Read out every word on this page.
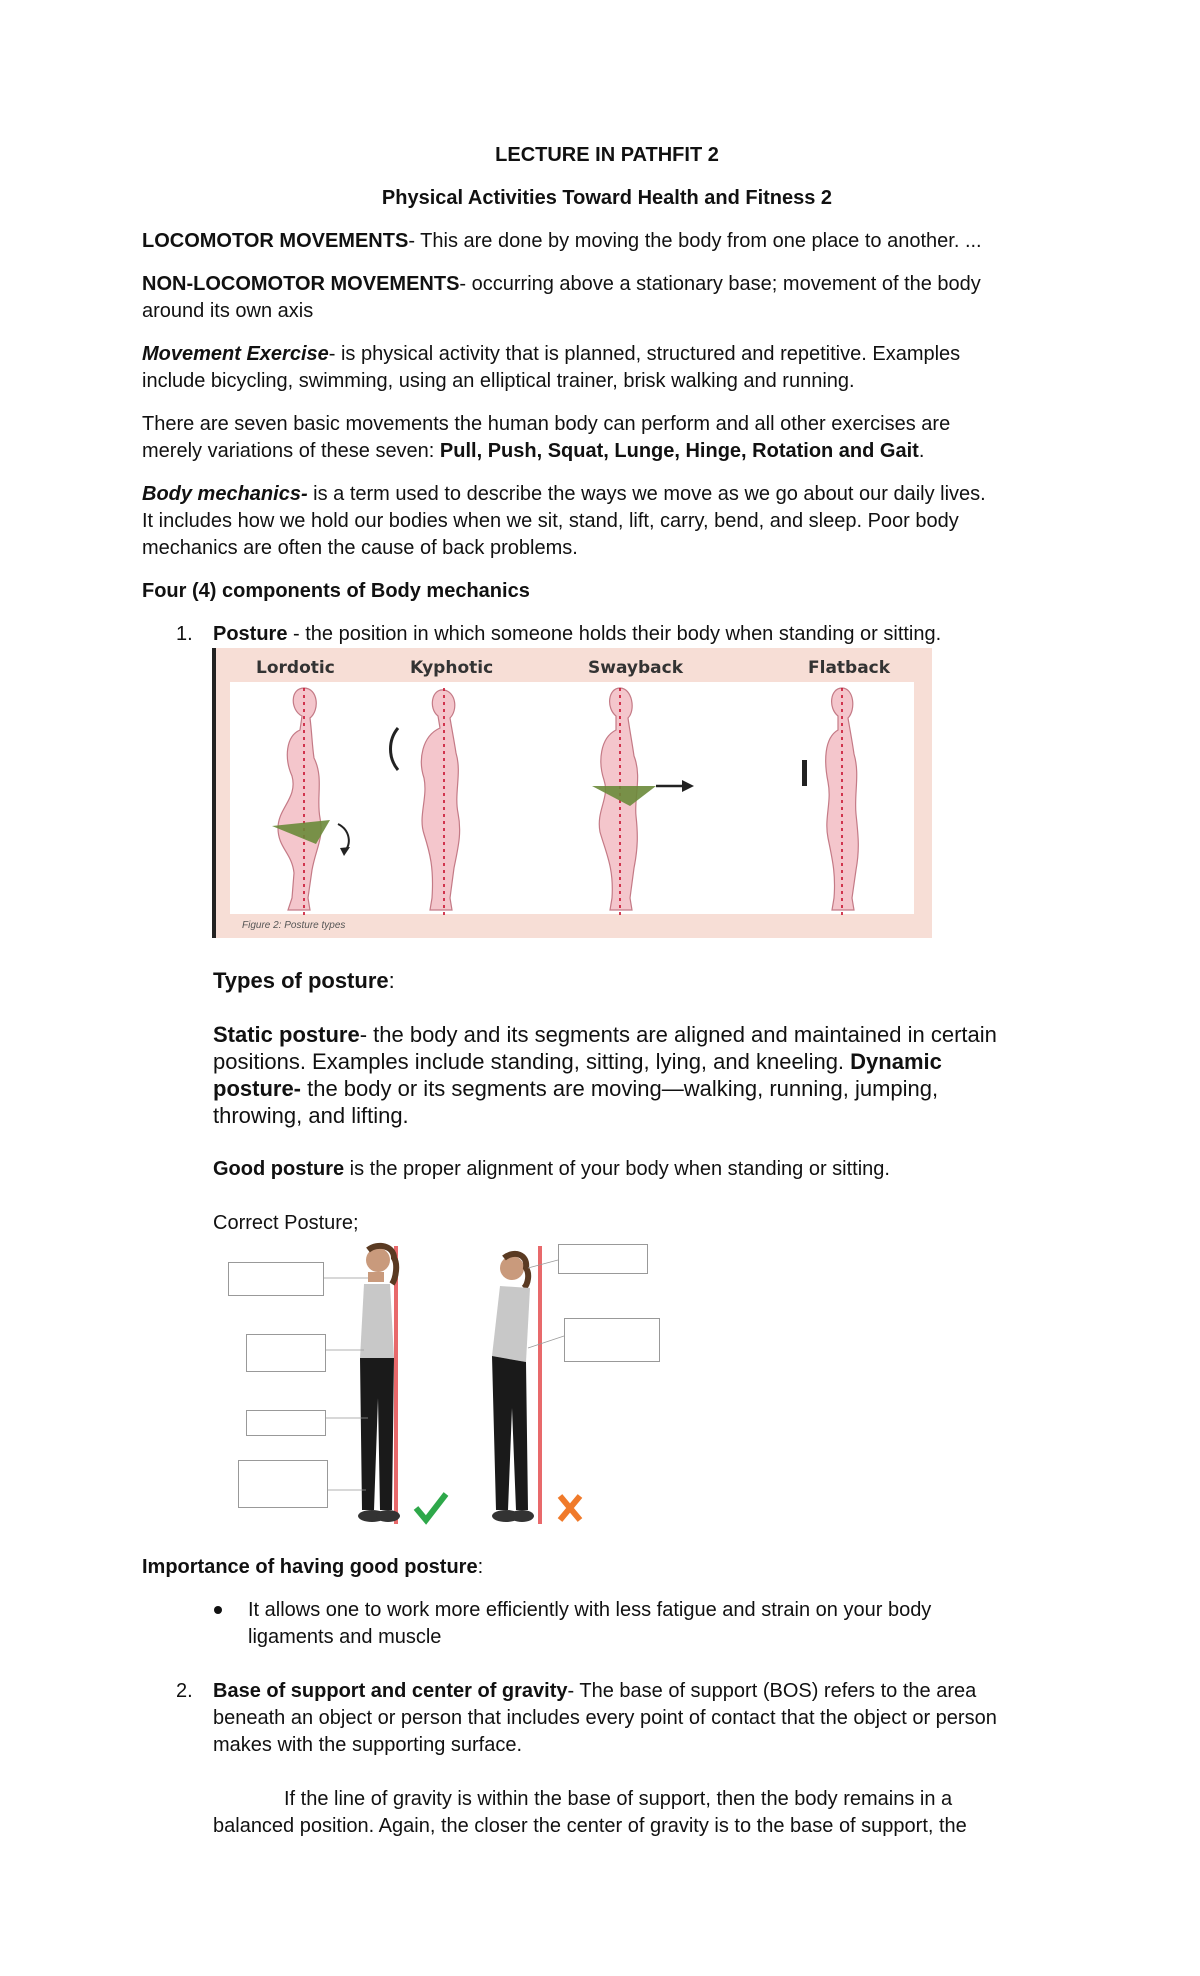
LECTURE IN PATHFIT 2
Physical Activities Toward Health and Fitness 2
LOCOMOTOR MOVEMENTS- This are done by moving the body from one place to another. ...
NON-LOCOMOTOR MOVEMENTS- occurring above a stationary base; movement of the body
around its own axis
Movement Exercise- is physical activity that is planned, structured and repetitive. Examples
include bicycling, swimming, using an elliptical trainer, brisk walking and running.
There are seven basic movements the human body can perform and all other exercises are
merely variations of these seven: Pull, Push, Squat, Lunge, Hinge, Rotation and Gait.
Body mechanics- is a term used to describe the ways we move as we go about our daily lives.
It includes how we hold our bodies when we sit, stand, lift, carry, bend, and sleep. Poor body
mechanics are often the cause of back problems.
Four (4) components of Body mechanics
1. Posture - the position in which someone holds their body when standing or sitting.
Lordotic	Kyphotic	Swayback	Flatback
Figure 2: Posture types
Types of posture:
Static posture- the body and its segments are aligned and maintained in certain
positions. Examples include standing, sitting, lying, and kneeling. Dynamic
posture- the body or its segments are moving—walking, running, jumping,
throwing, and lifting.
Good posture is the proper alignment of your body when standing or sitting.
Correct Posture;
Importance of having good posture:
It allows one to work more efficiently with less fatigue and strain on your body
ligaments and muscle
2. Base of support and center of gravity- The base of support (BOS) refers to the area
beneath an object or person that includes every point of contact that the object or person
makes with the supporting surface.
If the line of gravity is within the base of support, then the body remains in a
balanced position. Again, the closer the center of gravity is to the base of support, the
